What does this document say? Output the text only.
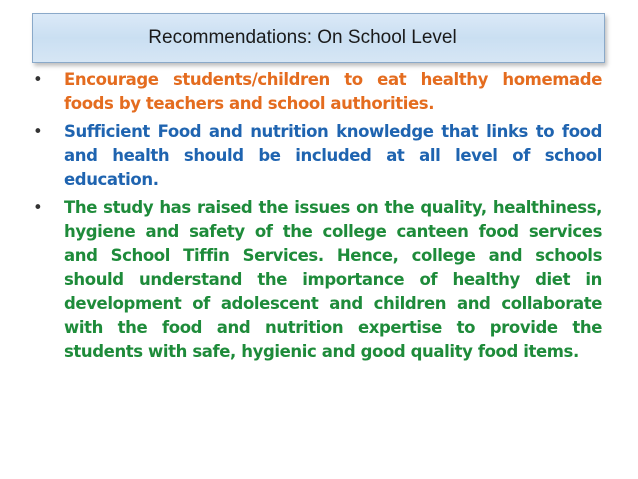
Recommendations: On School Level
• Encourage students/children to eat healthy homemade foods by teachers and school authorities.
• Sufficient Food and nutrition knowledge that links to food and health should be included at all level of school education.
• The study has raised the issues on the quality, healthiness, hygiene and safety of the college canteen food services and School Tiffin Services. Hence, college and schools should understand the importance of healthy diet in development of adolescent and children and collaborate with the food and nutrition expertise to provide the students with safe, hygienic and good quality food items.
